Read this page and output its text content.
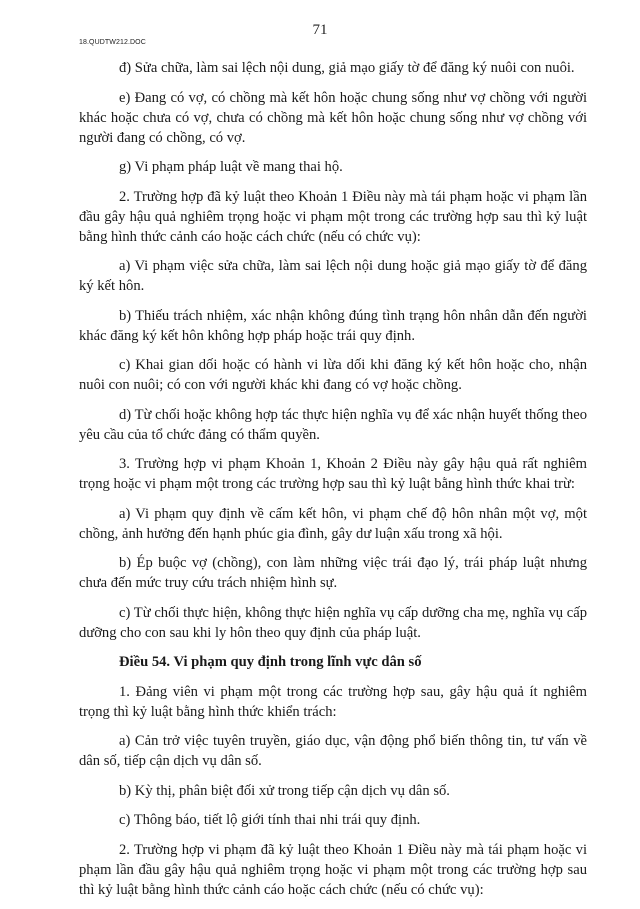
18.QUDTW212.DOC
71

đ) Sửa chữa, làm sai lệch nội dung, giả mạo giấy tờ để đăng ký nuôi con nuôi.

e) Đang có vợ, có chồng mà kết hôn hoặc chung sống như vợ chồng với người khác hoặc chưa có vợ, chưa có chồng mà kết hôn hoặc chung sống như vợ chồng với người đang có chồng, có vợ.

g) Vi phạm pháp luật về mang thai hộ.

2. Trường hợp đã kỷ luật theo Khoản 1 Điều này mà tái phạm hoặc vi phạm lần đầu gây hậu quả nghiêm trọng hoặc vi phạm một trong các trường hợp sau thì kỷ luật bằng hình thức cảnh cáo hoặc cách chức (nếu có chức vụ):

a) Vi phạm việc sửa chữa, làm sai lệch nội dung hoặc giả mạo giấy tờ để đăng ký kết hôn.

b) Thiếu trách nhiệm, xác nhận không đúng tình trạng hôn nhân dẫn đến người khác đăng ký kết hôn không hợp pháp hoặc trái quy định.

c) Khai gian dối hoặc có hành vi lừa dối khi đăng ký kết hôn hoặc cho, nhận nuôi con nuôi; có con với người khác khi đang có vợ hoặc chồng.

d) Từ chối hoặc không hợp tác thực hiện nghĩa vụ để xác nhận huyết thống theo yêu cầu của tổ chức đảng có thẩm quyền.

3. Trường hợp vi phạm Khoản 1, Khoản 2 Điều này gây hậu quả rất nghiêm trọng hoặc vi phạm một trong các trường hợp sau thì kỷ luật bằng hình thức khai trừ:

a) Vi phạm quy định về cấm kết hôn, vi phạm chế độ hôn nhân một vợ, một chồng, ảnh hưởng đến hạnh phúc gia đình, gây dư luận xấu trong xã hội.

b) Ép buộc vợ (chồng), con làm những việc trái đạo lý, trái pháp luật nhưng chưa đến mức truy cứu trách nhiệm hình sự.

c) Từ chối thực hiện, không thực hiện nghĩa vụ cấp dưỡng cha mẹ, nghĩa vụ cấp dưỡng cho con sau khi ly hôn theo quy định của pháp luật.

Điều 54. Vi phạm quy định trong lĩnh vực dân số

1. Đảng viên vi phạm một trong các trường hợp sau, gây hậu quả ít nghiêm trọng thì kỷ luật bằng hình thức khiển trách:

a) Cản trở việc tuyên truyền, giáo dục, vận động phổ biến thông tin, tư vấn về dân số, tiếp cận dịch vụ dân số.

b) Kỳ thị, phân biệt đối xử trong tiếp cận dịch vụ dân số.

c) Thông báo, tiết lộ giới tính thai nhi trái quy định.

2. Trường hợp vi phạm đã kỷ luật theo Khoản 1 Điều này mà tái phạm hoặc vi phạm lần đầu gây hậu quả nghiêm trọng hoặc vi phạm một trong các trường hợp sau thì kỷ luật bằng hình thức cảnh cáo hoặc cách chức (nếu có chức vụ):
